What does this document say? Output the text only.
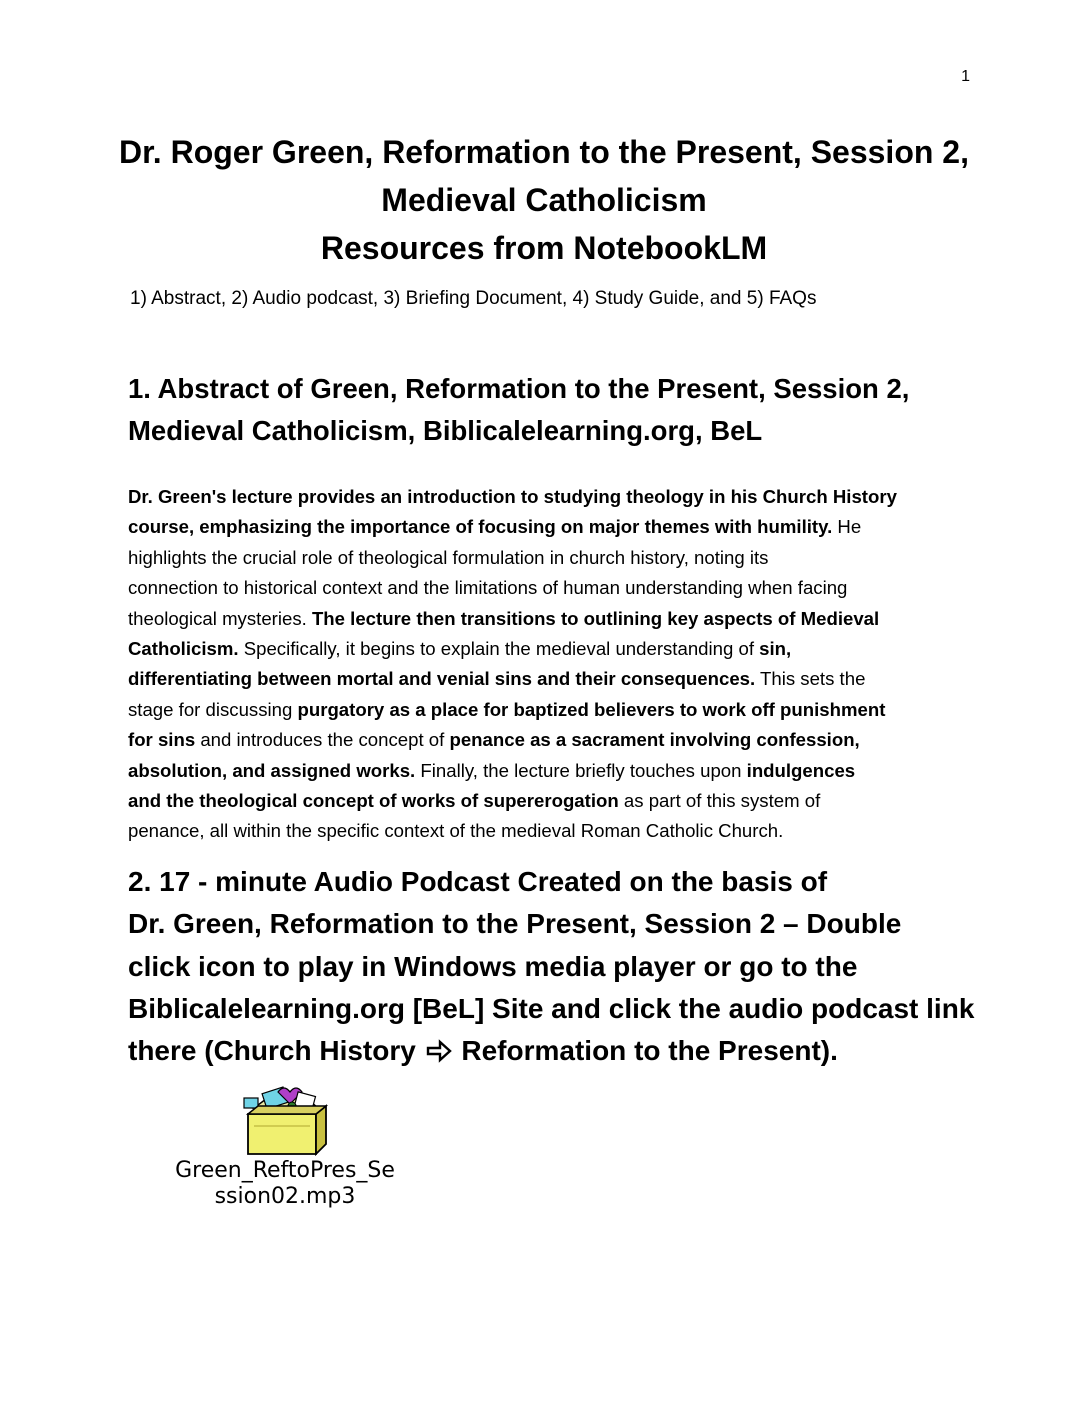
1
Dr. Roger Green, Reformation to the Present, Session 2,
Medieval Catholicism
Resources from NotebookLM
1) Abstract, 2) Audio podcast, 3) Briefing Document, 4) Study Guide, and 5) FAQs
1. Abstract of Green, Reformation to the Present, Session 2,
Medieval Catholicism, Biblicalelearning.org, BeL
Dr. Green's lecture provides an introduction to studying theology in his Church History
course, emphasizing the importance of focusing on major themes with humility. He
highlights the crucial role of theological formulation in church history, noting its
connection to historical context and the limitations of human understanding when facing
theological mysteries. The lecture then transitions to outlining key aspects of Medieval
Catholicism. Specifically, it begins to explain the medieval understanding of sin,
differentiating between mortal and venial sins and their consequences. This sets the
stage for discussing purgatory as a place for baptized believers to work off punishment
for sins and introduces the concept of penance as a sacrament involving confession,
absolution, and assigned works. Finally, the lecture briefly touches upon indulgences
and the theological concept of works of supererogation as part of this system of
penance, all within the specific context of the medieval Roman Catholic Church.
2. 17 - minute Audio Podcast Created on the basis of
Dr. Green, Reformation to the Present, Session 2 – Double
click icon to play in Windows media player or go to the
Biblicalelearning.org [BeL] Site and click the audio podcast link
there (Church History  Reformation to the Present).
Green_ReftoPres_Se
ssion02.mp3
